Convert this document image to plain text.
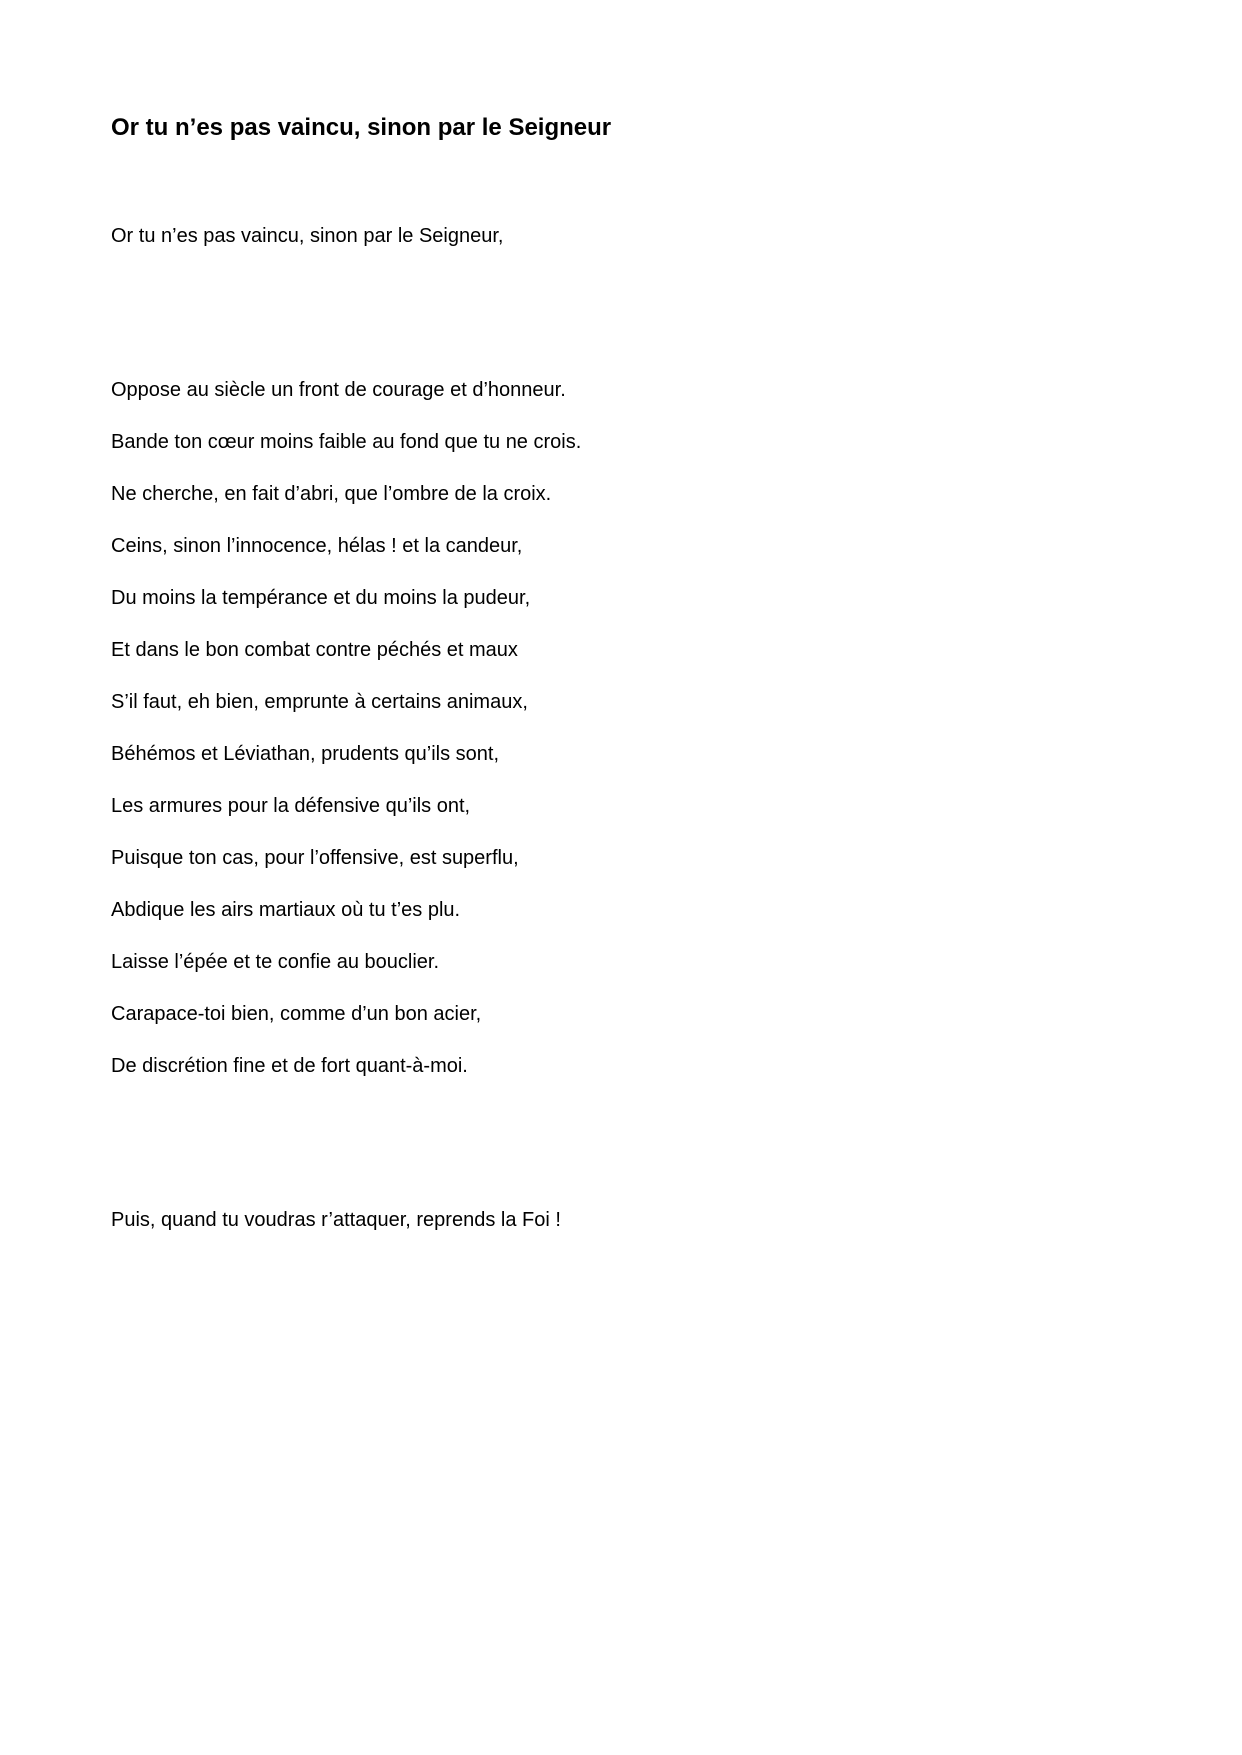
Or tu n’es pas vaincu, sinon par le Seigneur

Or tu n’es pas vaincu, sinon par le Seigneur,

Oppose au siècle un front de courage et d’honneur.

Bande ton cœur moins faible au fond que tu ne crois.

Ne cherche, en fait d’abri, que l’ombre de la croix.

Ceins, sinon l’innocence, hélas ! et la candeur,

Du moins la tempérance et du moins la pudeur,

Et dans le bon combat contre péchés et maux

S’il faut, eh bien, emprunte à certains animaux,

Béhémos et Léviathan, prudents qu’ils sont,

Les armures pour la défensive qu’ils ont,

Puisque ton cas, pour l’offensive, est superflu,

Abdique les airs martiaux où tu t’es plu.

Laisse l’épée et te confie au bouclier.

Carapace-toi bien, comme d’un bon acier,

De discrétion fine et de fort quant-à-moi.

Puis, quand tu voudras r’attaquer, reprends la Foi !
